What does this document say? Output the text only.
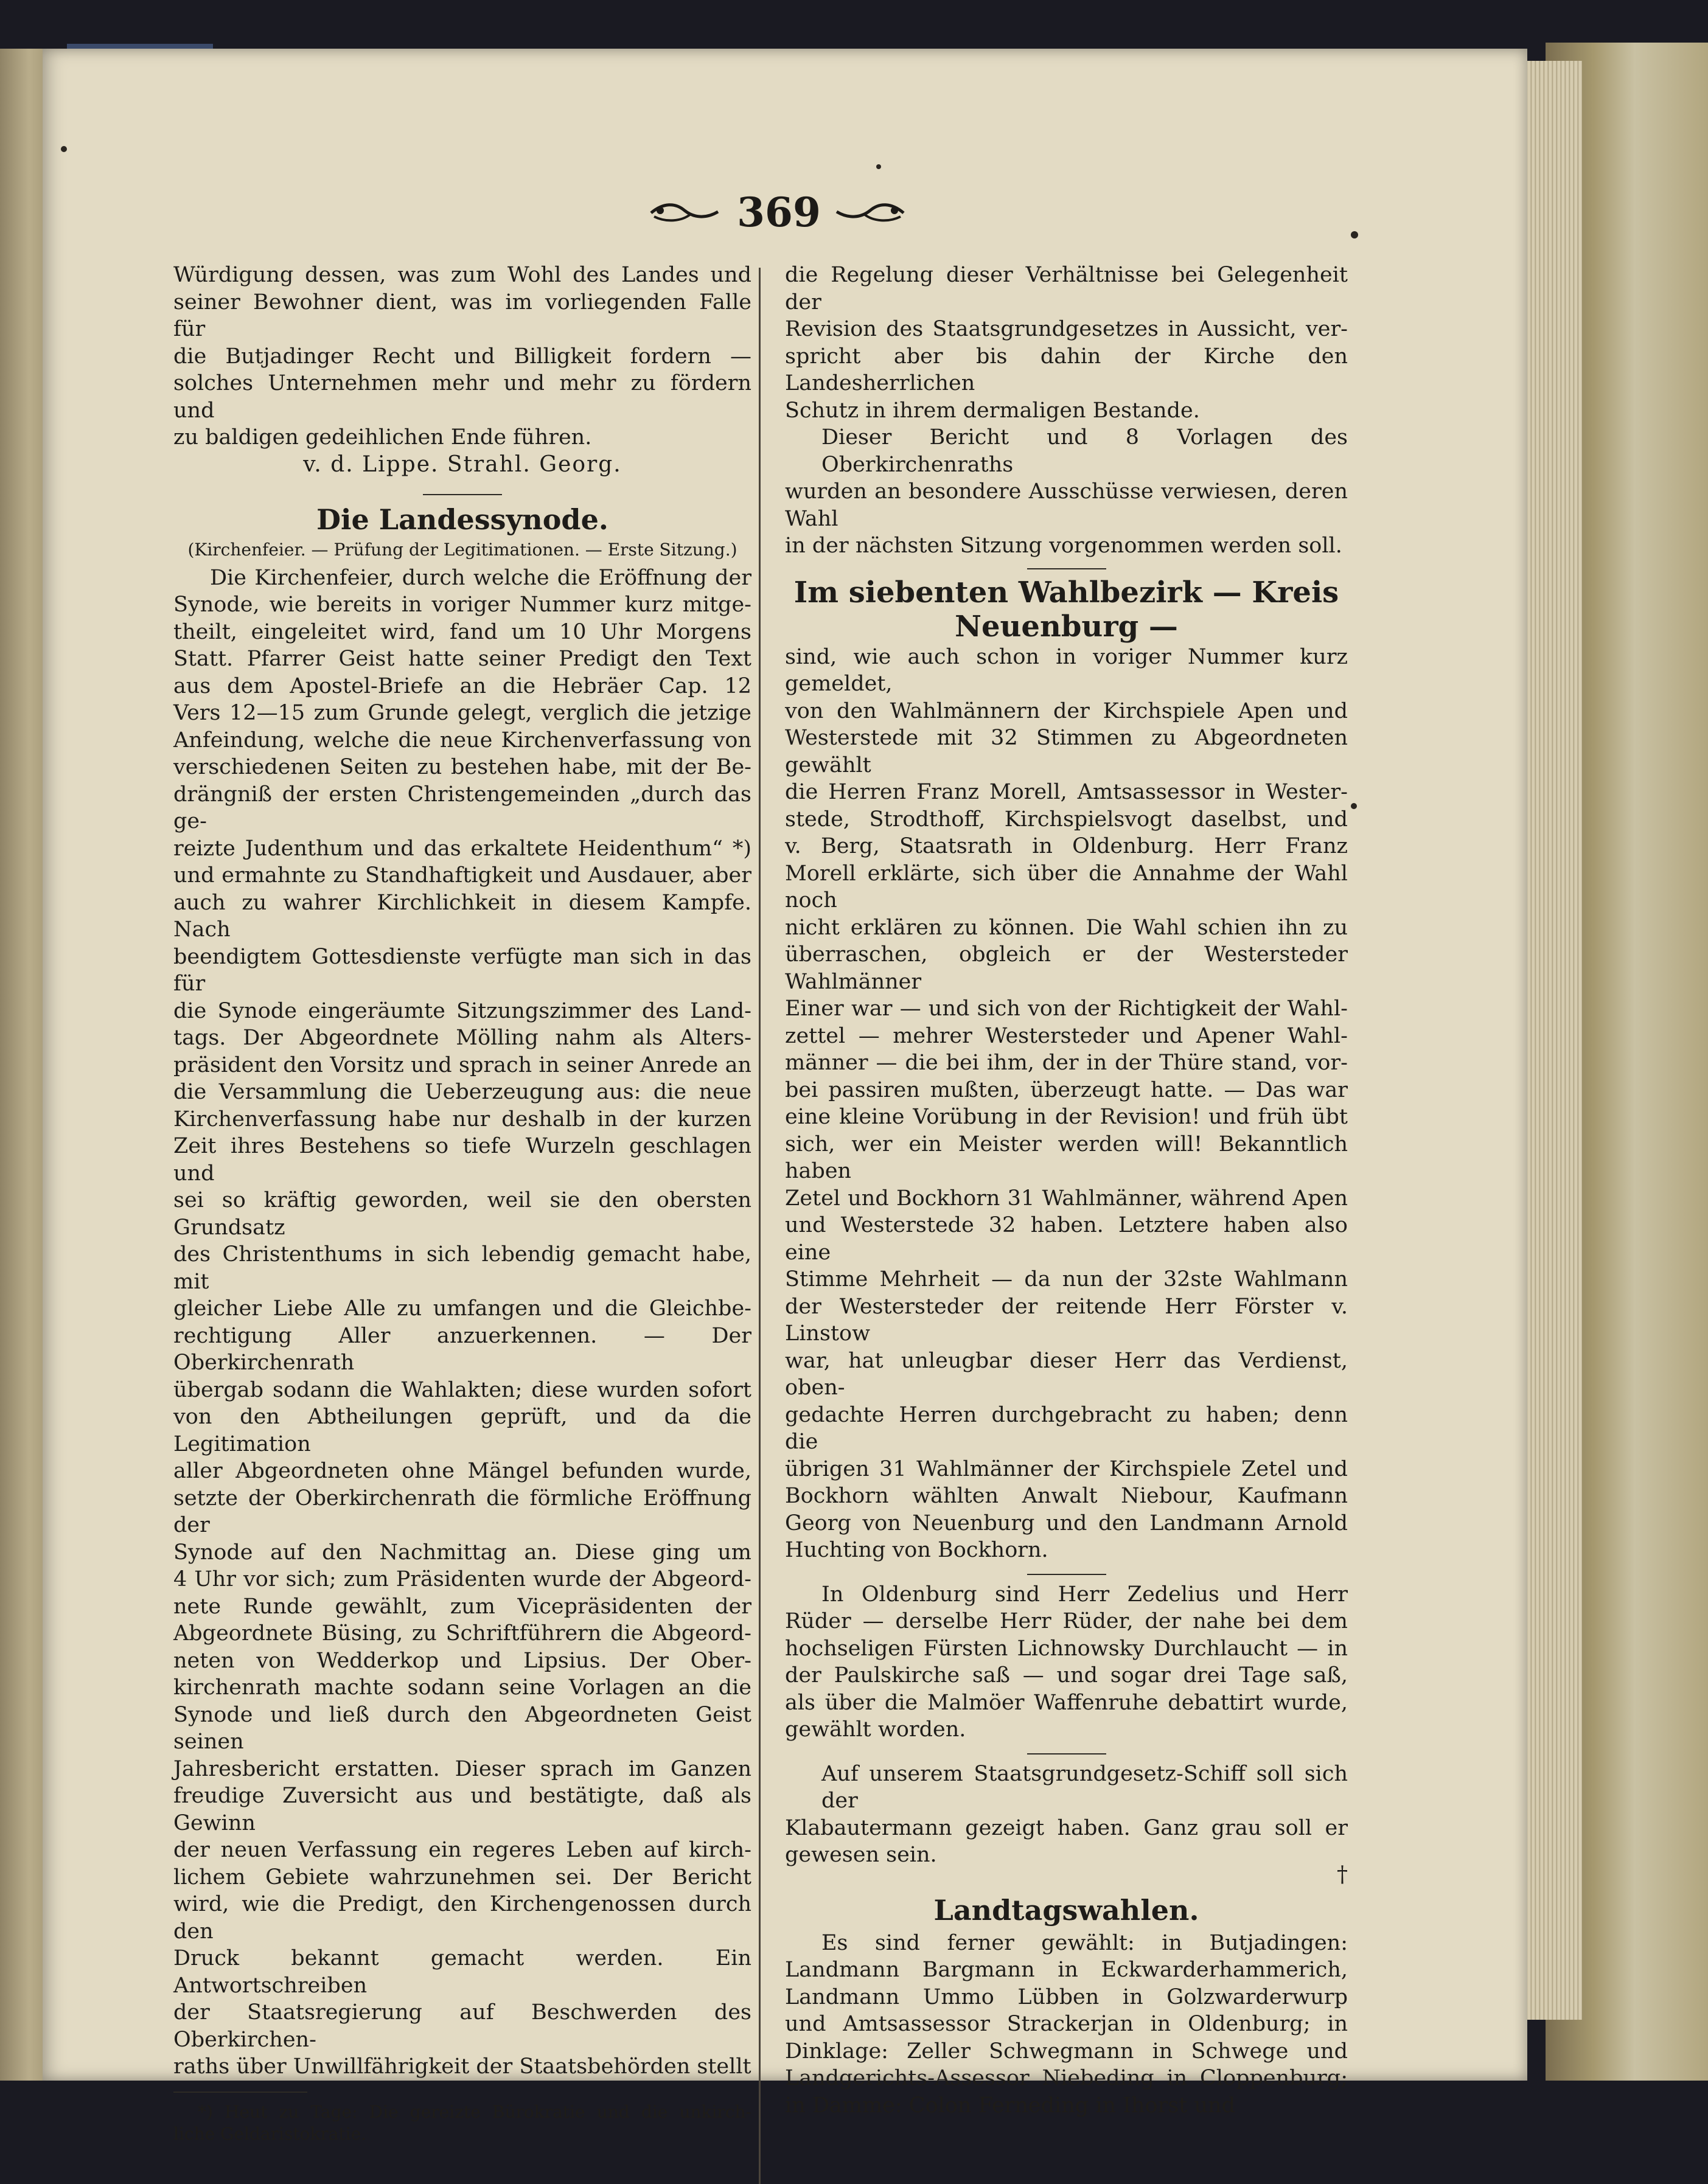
369
Würdigung dessen, was zum Wohl des Landes und
seiner Bewohner dient, was im vorliegenden Falle für
die Butjadinger Recht und Billigkeit fordern —
solches Unternehmen mehr und mehr zu fördern und
zu baldigen gedeihlichen Ende führen.

v. d. Lippe. Strahl. Georg.

Die Landessynode.
(Kirchenfeier. — Prüfung der Legitimationen. — Erste Sitzung.)
Die Kirchenfeier, durch welche die Eröffnung der
Synode, wie bereits in voriger Nummer kurz mitge-
theilt, eingeleitet wird, fand um 10 Uhr Morgens
Statt. Pfarrer Geist hatte seiner Predigt den Text
aus dem Apostel-Briefe an die Hebräer Cap. 12
Vers 12—15 zum Grunde gelegt, verglich die jetzige
Anfeindung, welche die neue Kirchenverfassung von
verschiedenen Seiten zu bestehen habe, mit der Be-
drängniß der ersten Christengemeinden „durch das ge-
reizte Judenthum und das erkaltete Heidenthum“ *)
und ermahnte zu Standhaftigkeit und Ausdauer, aber
auch zu wahrer Kirchlichkeit in diesem Kampfe. Nach
beendigtem Gottesdienste verfügte man sich in das für
die Synode eingeräumte Sitzungszimmer des Land-
tags. Der Abgeordnete Mölling nahm als Alters-
präsident den Vorsitz und sprach in seiner Anrede an
die Versammlung die Ueberzeugung aus: die neue
Kirchenverfassung habe nur deshalb in der kurzen
Zeit ihres Bestehens so tiefe Wurzeln geschlagen und
sei so kräftig geworden, weil sie den obersten Grundsatz
des Christenthums in sich lebendig gemacht habe, mit
gleicher Liebe Alle zu umfangen und die Gleichbe-
rechtigung Aller anzuerkennen. — Der Oberkirchenrath
übergab sodann die Wahlakten; diese wurden sofort
von den Abtheilungen geprüft, und da die Legitimation
aller Abgeordneten ohne Mängel befunden wurde,
setzte der Oberkirchenrath die förmliche Eröffnung der
Synode auf den Nachmittag an. Diese ging um
4 Uhr vor sich; zum Präsidenten wurde der Abgeord-
nete Runde gewählt, zum Vicepräsidenten der
Abgeordnete Büsing, zu Schriftführern die Abgeord-
neten von Wedderkop und Lipsius. Der Ober-
kirchenrath machte sodann seine Vorlagen an die
Synode und ließ durch den Abgeordneten Geist seinen
Jahresbericht erstatten. Dieser sprach im Ganzen
freudige Zuversicht aus und bestätigte, daß als Gewinn
der neuen Verfassung ein regeres Leben auf kirch-
lichem Gebiete wahrzunehmen sei. Der Bericht
wird, wie die Predigt, den Kirchengenossen durch den
Druck bekannt gemacht werden. Ein Antwortschreiben
der Staatsregierung auf Beschwerden des Oberkirchen-
raths über Unwillfährigkeit der Staatsbehörden stellt
*) Heut zu Tage: Die gereizte Bürokratie und die unkirch-
liche Geldaristokratie.
die Regelung dieser Verhältnisse bei Gelegenheit der
Revision des Staatsgrundgesetzes in Aussicht, ver-
spricht aber bis dahin der Kirche den Landesherrlichen
Schutz in ihrem dermaligen Bestande.
Dieser Bericht und 8 Vorlagen des Oberkirchenraths
wurden an besondere Ausschüsse verwiesen, deren Wahl
in der nächsten Sitzung vorgenommen werden soll.
Im siebenten Wahlbezirk — Kreis
Neuenburg —
sind, wie auch schon in voriger Nummer kurz gemeldet,
von den Wahlmännern der Kirchspiele Apen und
Westerstede mit 32 Stimmen zu Abgeordneten gewählt
die Herren Franz Morell, Amtsassessor in Wester-
stede, Strodthoff, Kirchspielsvogt daselbst, und
v. Berg, Staatsrath in Oldenburg. Herr Franz
Morell erklärte, sich über die Annahme der Wahl noch
nicht erklären zu können. Die Wahl schien ihn zu
überraschen, obgleich er der Westersteder Wahlmänner
Einer war — und sich von der Richtigkeit der Wahl-
zettel — mehrer Westersteder und Apener Wahl-
männer — die bei ihm, der in der Thüre stand, vor-
bei passiren mußten, überzeugt hatte. — Das war
eine kleine Vorübung in der Revision! und früh übt
sich, wer ein Meister werden will! Bekanntlich haben
Zetel und Bockhorn 31 Wahlmänner, während Apen
und Westerstede 32 haben. Letztere haben also eine
Stimme Mehrheit — da nun der 32ste Wahlmann
der Westersteder der reitende Herr Förster v. Linstow
war, hat unleugbar dieser Herr das Verdienst, oben-
gedachte Herren durchgebracht zu haben; denn die
übrigen 31 Wahlmänner der Kirchspiele Zetel und
Bockhorn wählten Anwalt Niebour, Kaufmann
Georg von Neuenburg und den Landmann Arnold
Huchting von Bockhorn.
In Oldenburg sind Herr Zedelius und Herr
Rüder — derselbe Herr Rüder, der nahe bei dem
hochseligen Fürsten Lichnowsky Durchlaucht — in
der Paulskirche saß — und sogar drei Tage saß,
als über die Malmöer Waffenruhe debattirt wurde,
gewählt worden.
Auf unserem Staatsgrundgesetz-Schiff soll sich der
Klabautermann gezeigt haben. Ganz grau soll er
gewesen sein.

†

Landtagswahlen.
Es sind ferner gewählt: in Butjadingen:
Landmann Bargmann in Eckwarderhammerich,
Landmann Ummo Lübben in Golzwarderwurp
und Amtsassessor Strackerjan in Oldenburg; in
Dinklage: Zeller Schwegmann in Schwege und
Landgerichts-Assessor Niebeding in Cloppenburg;
in Damme: Colon Ferneding in Ihorst und
